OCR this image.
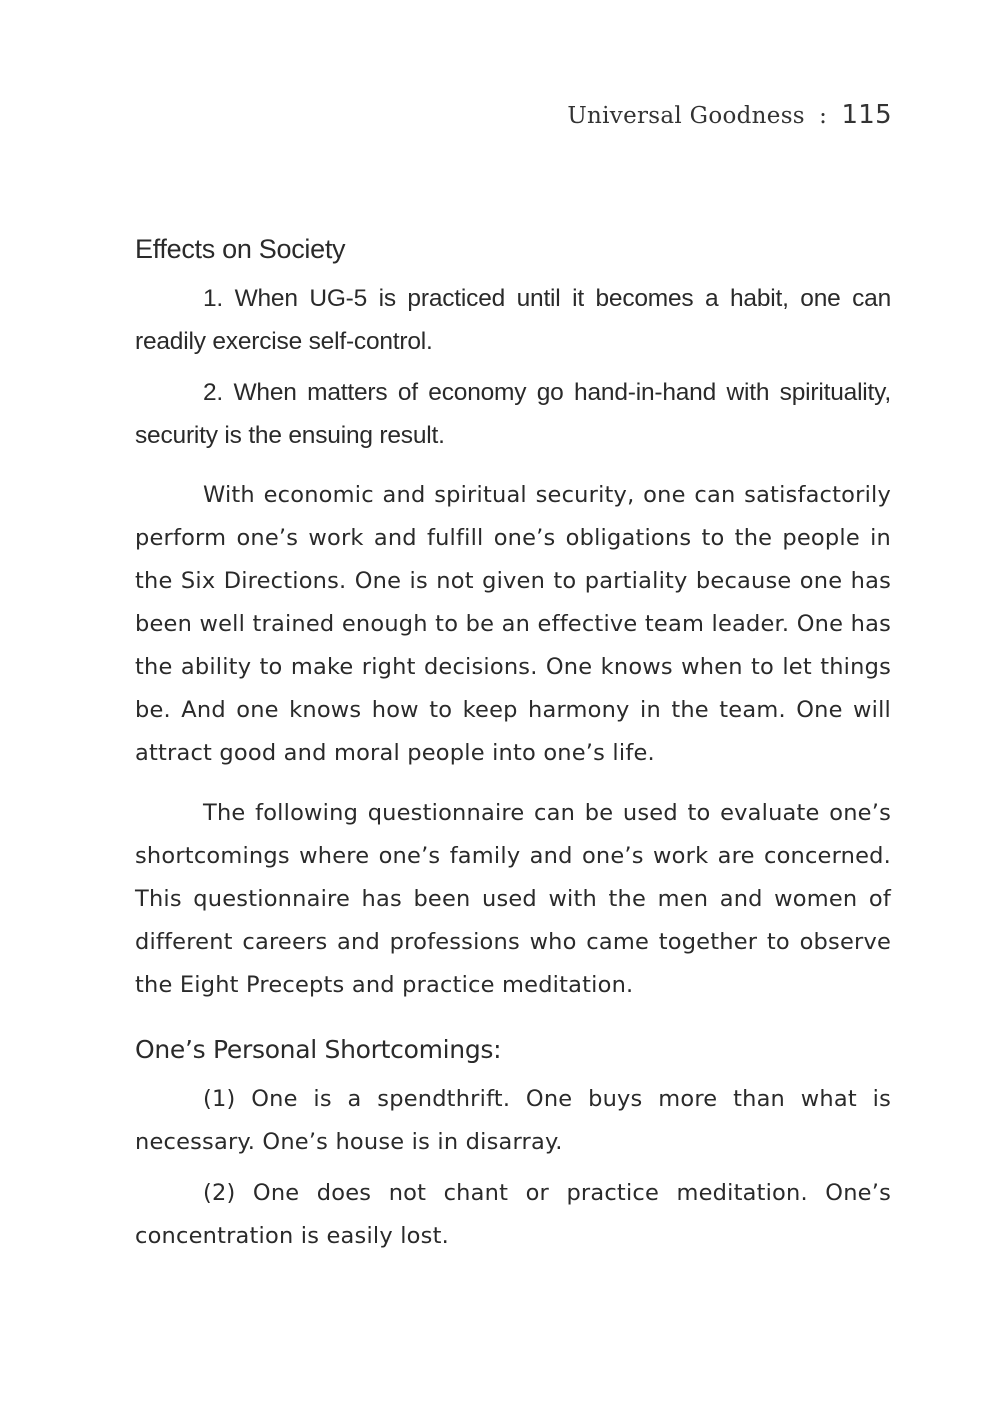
Universal Goodness : 115
Effects on Society

1. When UG-5 is practiced until it becomes a habit, one can readily exercise self-control.

2. When matters of economy go hand-in-hand with spirituality, security is the ensuing result.

With economic and spiritual security, one can satisfactorily perform one’s work and fulfill one’s obligations to the people in the Six Directions. One is not given to partiality because one has been well trained enough to be an effective team leader. One has the ability to make right decisions. One knows when to let things be. And one knows how to keep harmony in the team. One will attract good and moral people into one’s life.

The following questionnaire can be used to evaluate one’s shortcomings where one’s family and one’s work are concerned. This questionnaire has been used with the men and women of different careers and professions who came together to observe the Eight Precepts and practice meditation.

One’s Personal Shortcomings:

(1) One is a spendthrift. One buys more than what is necessary. One’s house is in disarray.

(2) One does not chant or practice meditation. One’s concentration is easily lost.
